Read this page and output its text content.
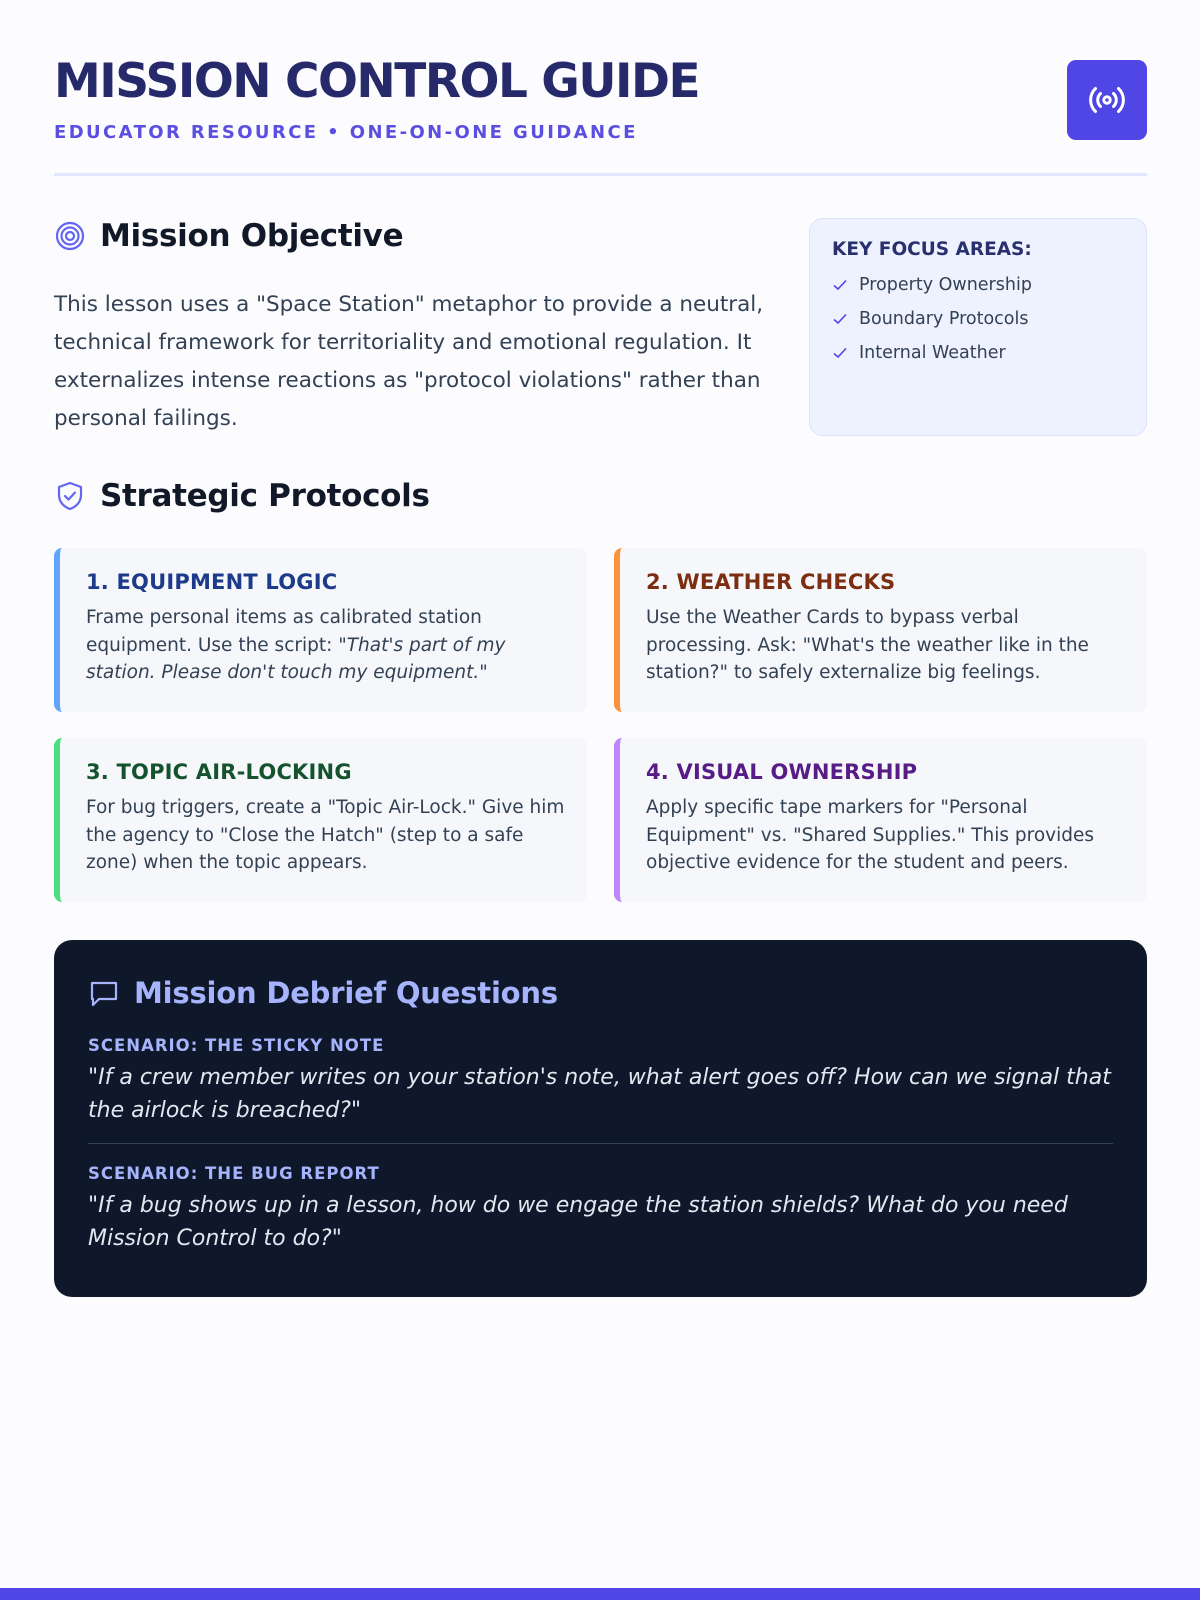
MISSION CONTROL GUIDE
EDUCATOR RESOURCE • ONE-ON-ONE GUIDANCE
Mission Objective

This lesson uses a "Space Station" metaphor to provide a neutral, technical framework for territoriality and emotional regulation. It externalizes intense reactions as "protocol violations" rather than personal failings.

KEY FOCUS AREAS:
Property Ownership
Boundary Protocols
Internal Weather
Strategic Protocols
1. EQUIPMENT LOGIC

Frame personal items as calibrated station equipment. Use the script: "That's part of my station. Please don't touch my equipment."

2. WEATHER CHECKS

Use the Weather Cards to bypass verbal processing. Ask: "What's the weather like in the station?" to safely externalize big feelings.

3. TOPIC AIR-LOCKING

For bug triggers, create a "Topic Air-Lock." Give him the agency to "Close the Hatch" (step to a safe zone) when the topic appears.

4. VISUAL OWNERSHIP

Apply specific tape markers for "Personal Equipment" vs. "Shared Supplies." This provides objective evidence for the student and peers.

Mission Debrief Questions
SCENARIO: THE STICKY NOTE
"If a crew member writes on your station's note, what alert goes off? How can we signal that the airlock is breached?"
SCENARIO: THE BUG REPORT
"If a bug shows up in a lesson, how do we engage the station shields? What do you need Mission Control to do?"
